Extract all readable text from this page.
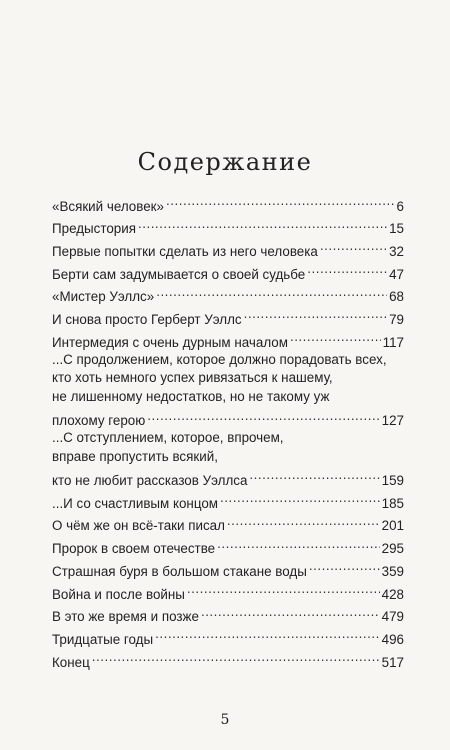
Содержание
«Всякий человек» . . .	6
Предыстория . . .	15
Первые попытки сделать из него человека . . .	32
Берти сам задумывается о своей судьбе . . .	47
«Мистер Уэллс» . . .	68
И снова просто Герберт Уэллс . . .	79
Интермедия с очень дурным началом . . .	117
...С продолжением, которое должно порадовать всех,
кто хоть немного успех ривязаться к нашему,
не лишенному недостатков, но не такому уж
плохому герою . . .	127
...С отступлением, которое, впрочем,
вправе пропустить всякий,
кто не любит рассказов Уэллса . . .	159
...И со счастливым концом . . .	185
О чём же он всё-таки писал . . .	201
Пророк в своем отечестве . . .	295
Страшная буря в большом стакане воды . . .	359
Война и после войны . . .	428
В это же время и позже . . .	479
Тридцатые годы . . .	496
Конец . . .	517
5
